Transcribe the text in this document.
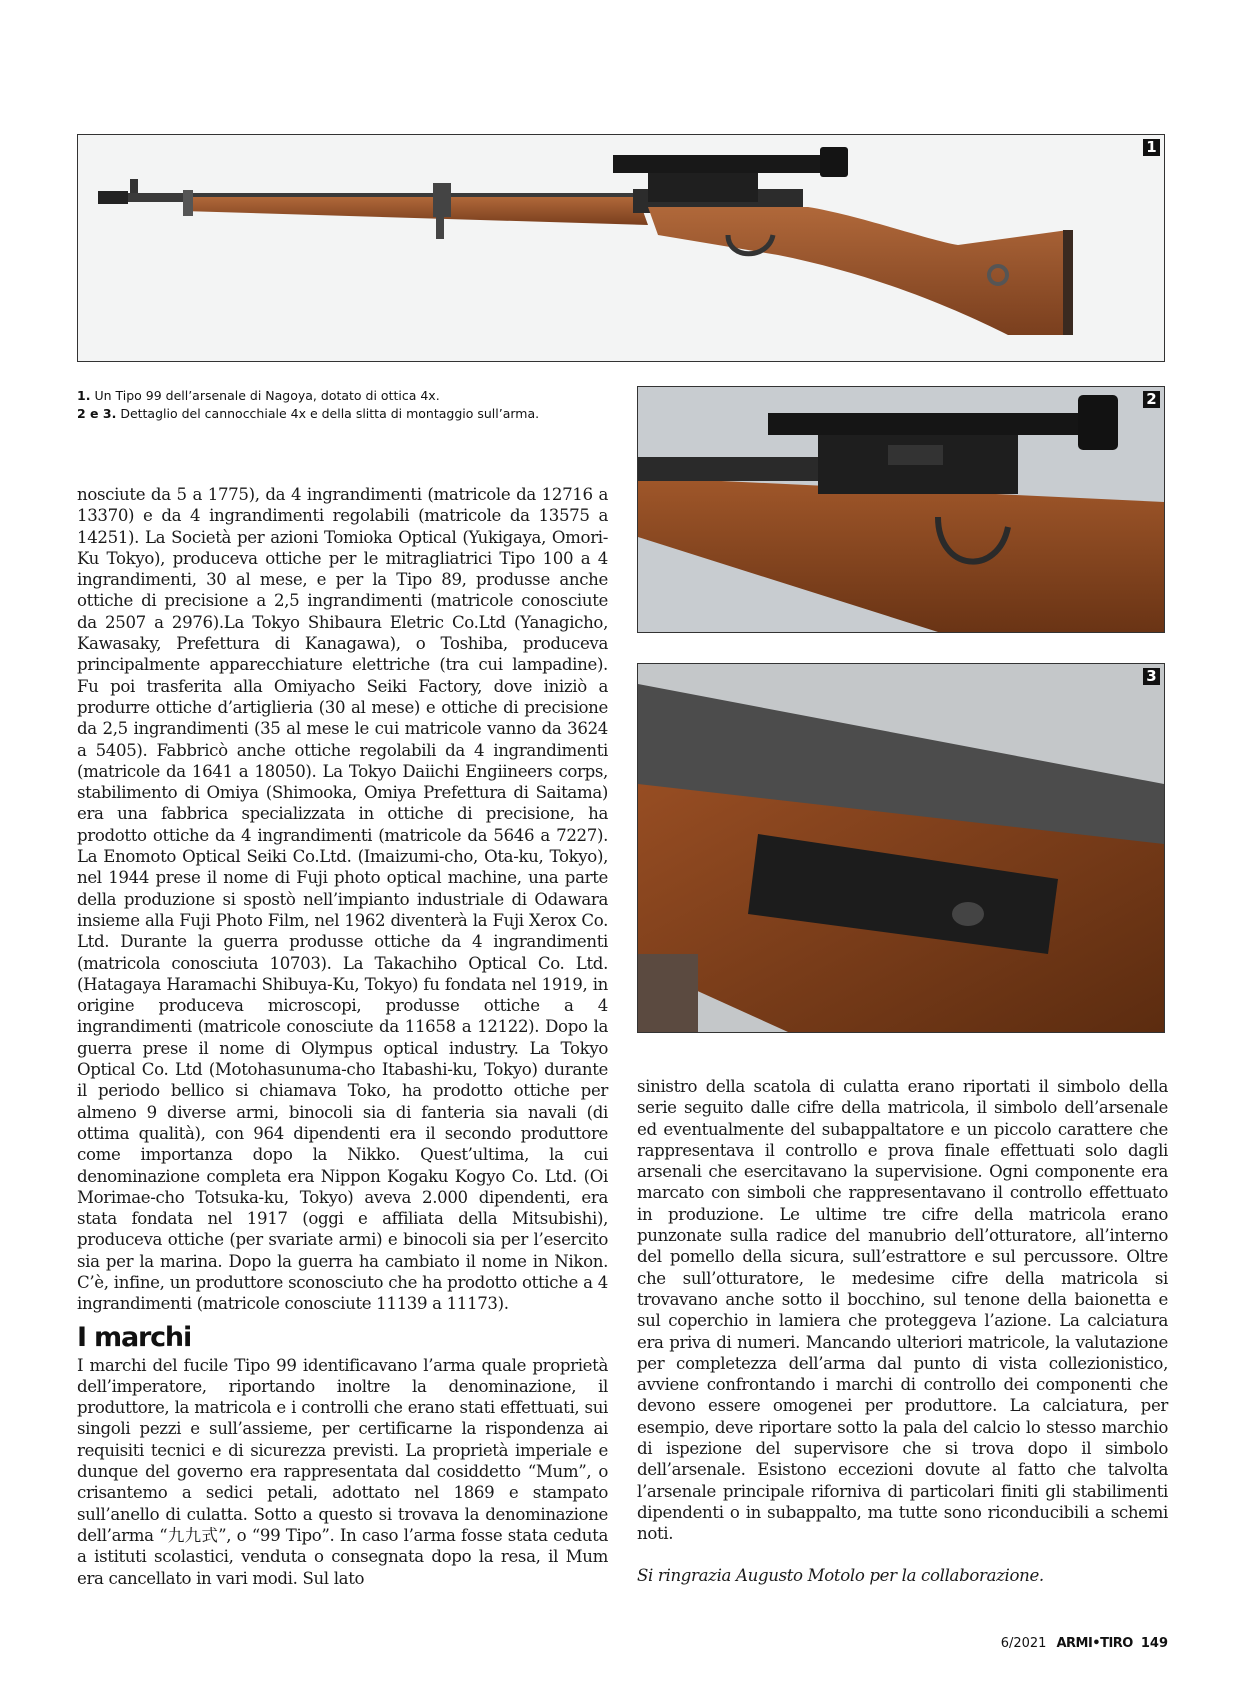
1
1. Un Tipo 99 dell’arsenale di Nagoya, dotato di ottica 4x.
2 e 3. Dettaglio del cannocchiale 4x e della slitta di montaggio sull’arma.
2
3

nosciute da 5 a 1775), da 4 ingrandimenti (matricole da 12716 a 13370) e da 4 ingrandimenti regolabili (matricole da 13575 a 14251). La Società per azioni Tomioka Optical (Yukigaya, Omori-Ku Tokyo), produceva ottiche per le mitragliatrici Tipo 100 a 4 ingrandimenti, 30 al mese, e per la Tipo 89, produsse anche ottiche di precisione a 2,5 ingrandimenti (matricole conosciute da 2507 a 2976).La Tokyo Shibaura Eletric Co.Ltd (Yanagicho, Kawasaky, Prefettura di Kanagawa), o Toshiba, produceva principalmente apparecchiature elettriche (tra cui lampadine). Fu poi trasferita alla Omiyacho Seiki Factory, dove iniziò a produrre ottiche d’artiglieria (30 al mese) e ottiche di precisione da 2,5 ingrandimenti (35 al mese le cui matricole vanno da 3624 a 5405). Fabbricò anche ottiche regolabili da 4 ingrandimenti (matricole da 1641 a 18050). La Tokyo Daiichi Engiineers corps, stabilimento di Omiya (Shimooka, Omiya Prefettura di Saitama) era una fabbrica specializzata in ottiche di precisione, ha prodotto ottiche da 4 ingrandimenti (matricole da 5646 a 7227). La Enomoto Optical Seiki Co.Ltd. (Imaizumi-cho, Ota-ku, Tokyo), nel 1944 prese il nome di Fuji photo optical machine, una parte della produzione si spostò nell’impianto industriale di Odawara insieme alla Fuji Photo Film, nel 1962 diventerà la Fuji Xerox Co. Ltd. Durante la guerra produsse ottiche da 4 ingrandimenti (matricola conosciuta 10703). La Takachiho Optical Co. Ltd. (Hatagaya Haramachi Shibuya-Ku, Tokyo) fu fondata nel 1919, in origine produceva microscopi, produsse ottiche a 4 ingrandimenti (matricole conosciute da 11658 a 12122). Dopo la guerra prese il nome di Olympus optical industry. La Tokyo Optical Co. Ltd (Motohasunuma-cho Itabashi-ku, Tokyo) durante il periodo bellico si chiamava Toko, ha prodotto ottiche per almeno 9 diverse armi, binocoli sia di fanteria sia navali (di ottima qualità), con 964 dipendenti era il secondo produttore come importanza dopo la Nikko. Quest’ultima, la cui denominazione completa era Nippon Kogaku Kogyo Co. Ltd. (Oi Morimae-cho Totsuka-ku, Tokyo) aveva 2.000 dipendenti, era stata fondata nel 1917 (oggi e affiliata della Mitsubishi), produceva ottiche (per svariate armi) e binocoli sia per l’esercito sia per la marina. Dopo la guerra ha cambiato il nome in Nikon. C’è, infine, un produttore sconosciuto che ha prodotto ottiche a 4 ingrandimenti (matricole conosciute 11139 a 11173).

I marchi

I marchi del fucile Tipo 99 identificavano l’arma quale proprietà dell’imperatore, riportando inoltre la denominazione, il produttore, la matricola e i controlli che erano stati effettuati, sui singoli pezzi e sull’assieme, per certificarne la rispondenza ai requisiti tecnici e di sicurezza previsti. La proprietà imperiale e dunque del governo era rappresentata dal cosiddetto “Mum”, o crisantemo a sedici petali, adottato nel 1869 e stampato sull’anello di culatta. Sotto a questo si trovava la denominazione dell’arma “九九式”, o “99 Tipo”. In caso l’arma fosse stata ceduta a istituti scolastici, venduta o consegnata dopo la resa, il Mum era cancellato in vari modi. Sul lato

sinistro della scatola di culatta erano riportati il simbolo della serie seguito dalle cifre della matricola, il simbolo dell’arsenale ed eventualmente del subappaltatore e un piccolo carattere che rappresentava il controllo e prova finale effettuati solo dagli arsenali che esercitavano la supervisione. Ogni componente era marcato con simboli che rappresentavano il controllo effettuato in produzione. Le ultime tre cifre della matricola erano punzonate sulla radice del manubrio dell’otturatore, all’interno del pomello della sicura, sull’estrattore e sul percussore. Oltre che sull’otturatore, le medesime cifre della matricola si trovavano anche sotto il bocchino, sul tenone della baionetta e sul coperchio in lamiera che proteggeva l’azione. La calciatura era priva di numeri. Mancando ulteriori matricole, la valutazione per completezza dell’arma dal punto di vista collezionistico, avviene confrontando i marchi di controllo dei componenti che devono essere omogenei per produttore. La calciatura, per esempio, deve riportare sotto la pala del calcio lo stesso marchio di ispezione del supervisore che si trova dopo il simbolo dell’arsenale. Esistono eccezioni dovute al fatto che talvolta l’arsenale principale riforniva di particolari finiti gli stabilimenti dipendenti o in subappalto, ma tutte sono riconducibili a schemi noti.

Si ringrazia Augusto Motolo per la collaborazione.

6/2021 ARMI•TIRO 149
